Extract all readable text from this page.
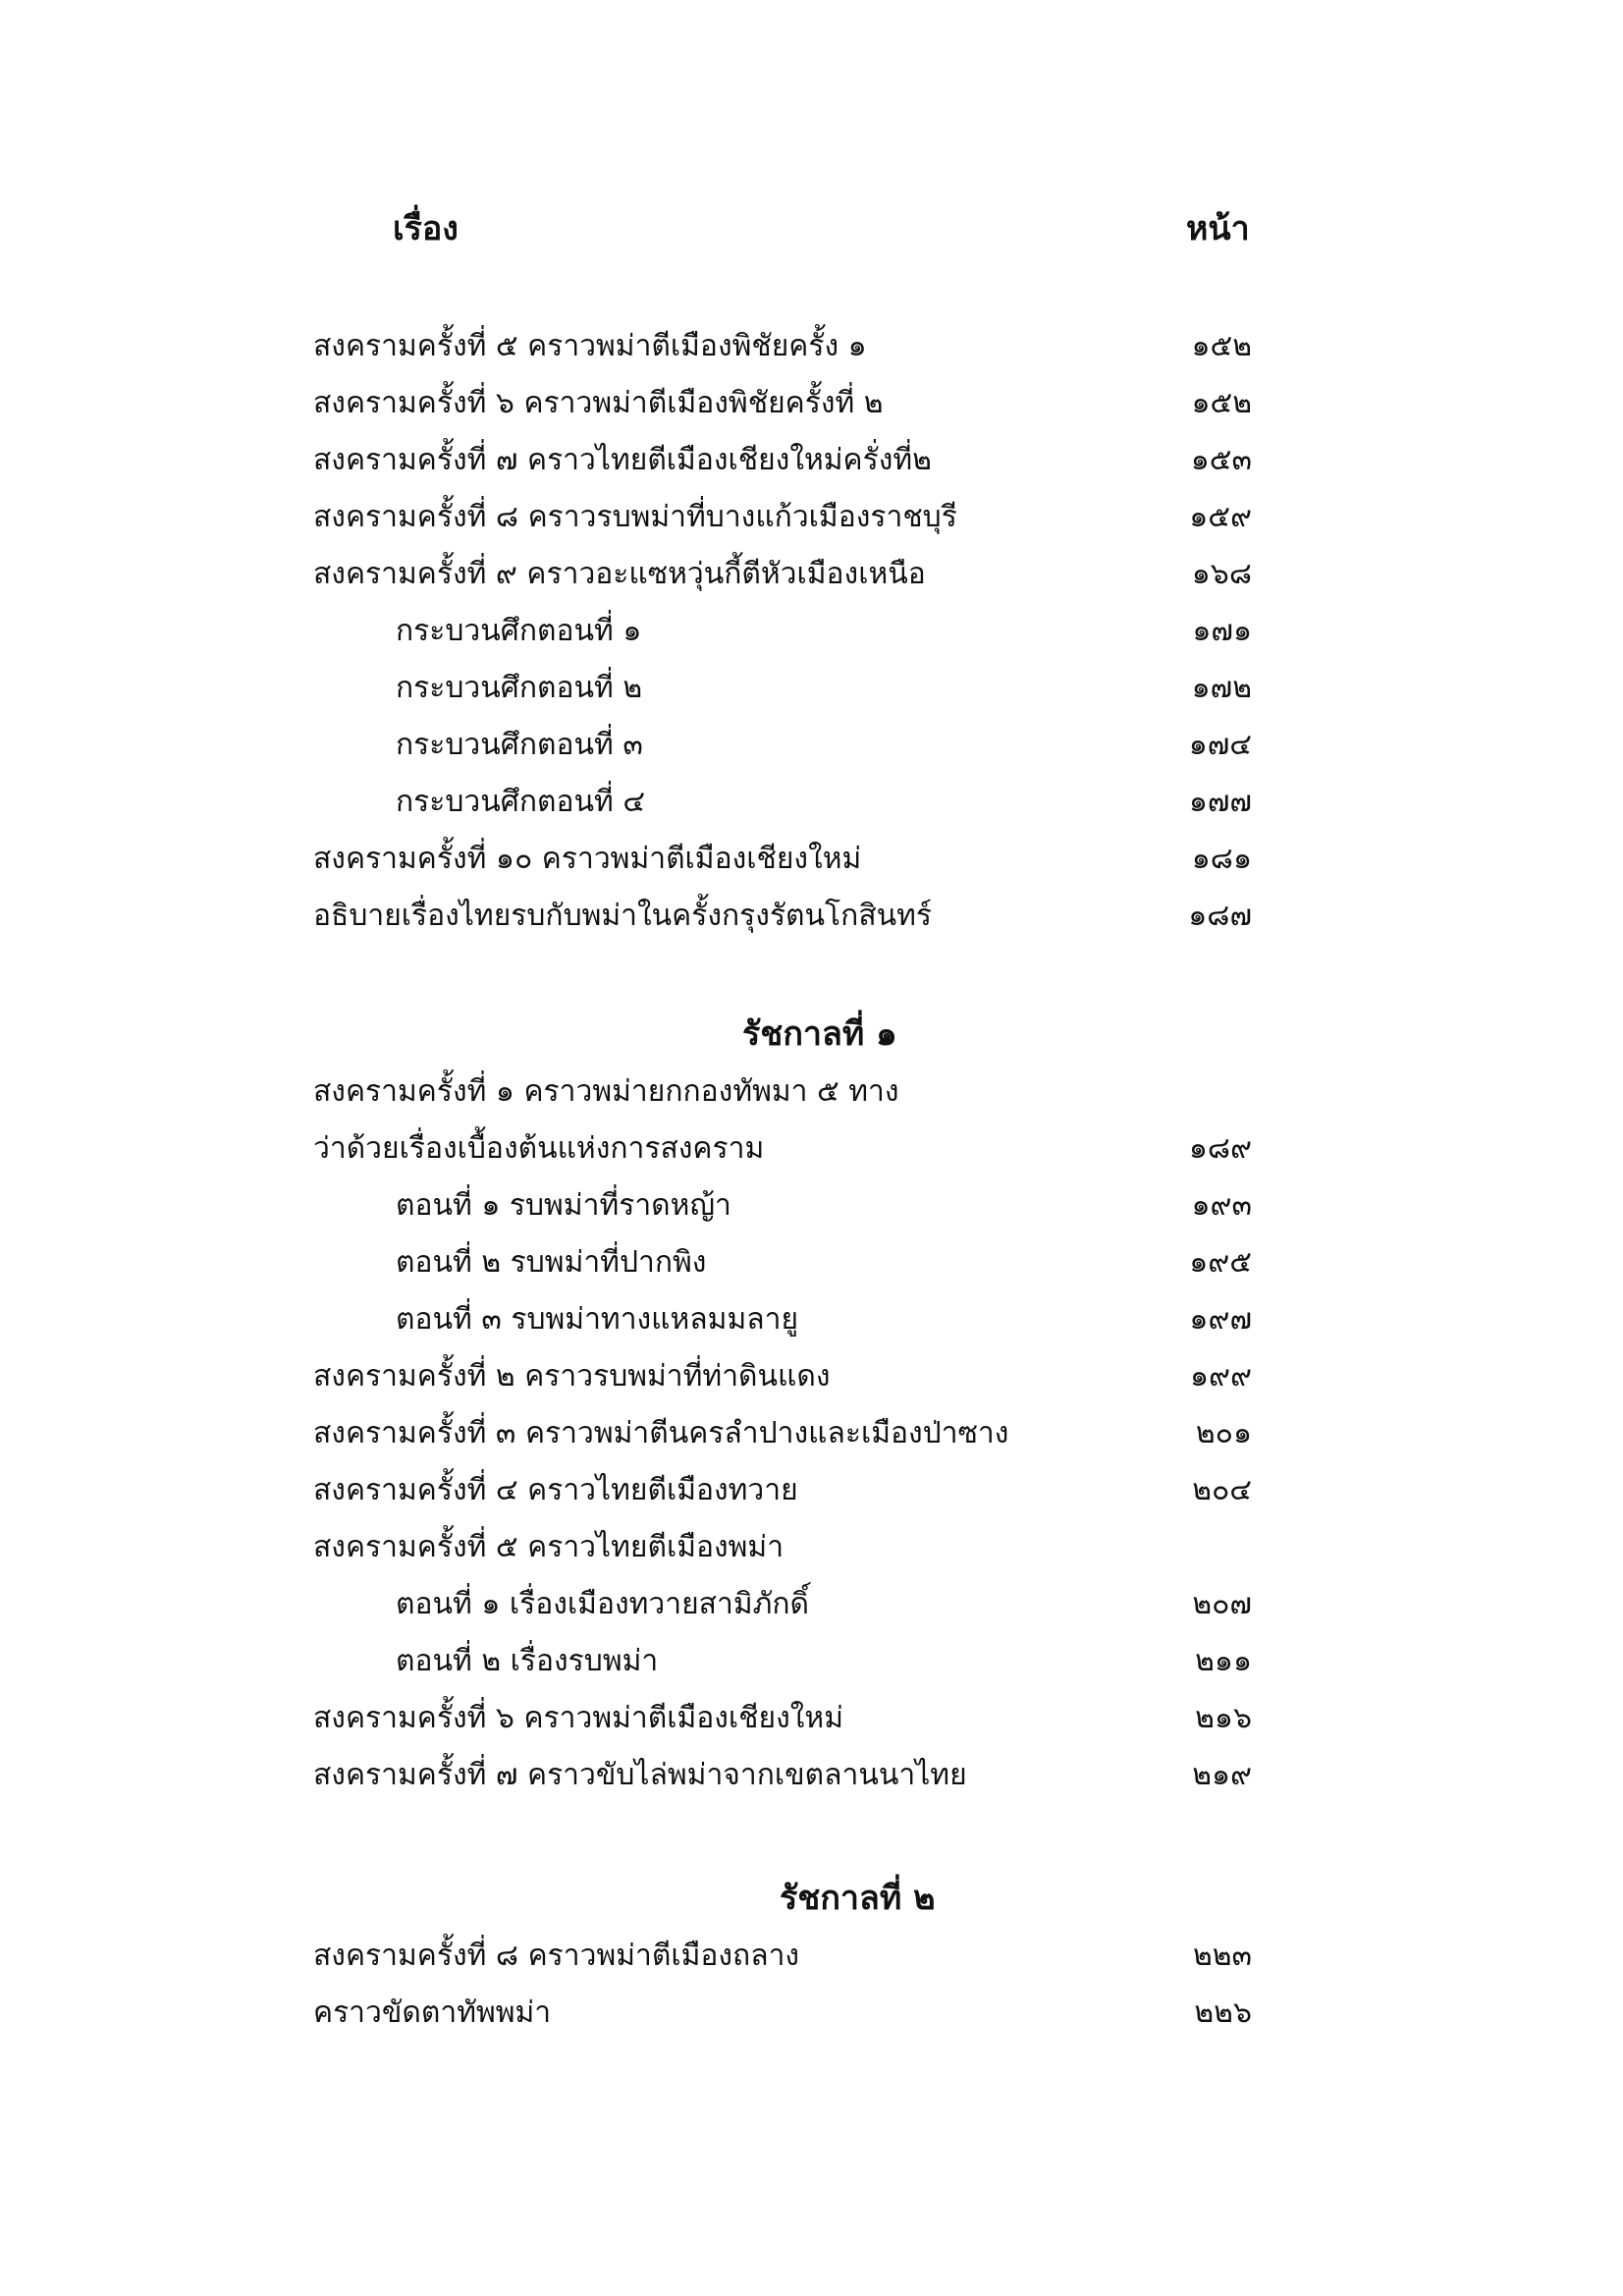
เรื่อง	หน้า
สงครามครั้งที่ ๕ คราวพม่าตีเมืองพิชัยครั้ง ๑	๑๕๒
สงครามครั้งที่ ๖ คราวพม่าตีเมืองพิชัยครั้งที่ ๒	๑๕๒
สงครามครั้งที่ ๗ คราวไทยตีเมืองเชียงใหม่ครั่งที่๒	๑๕๓
สงครามครั้งที่ ๘ คราวรบพม่าที่บางแก้วเมืองราชบุรี	๑๕๙
สงครามครั้งที่ ๙ คราวอะแซหวุ่นกี้ตีหัวเมืองเหนือ	๑๖๘
กระบวนศึกตอนที่ ๑	๑๗๑
กระบวนศึกตอนที่ ๒	๑๗๒
กระบวนศึกตอนที่ ๓	๑๗๔
กระบวนศึกตอนที่ ๔	๑๗๗
สงครามครั้งที่ ๑๐ คราวพม่าตีเมืองเชียงใหม่	๑๘๑
อธิบายเรื่องไทยรบกับพม่าในครั้งกรุงรัตนโกสินทร์	๑๘๗
รัชกาลที่ ๑
สงครามครั้งที่ ๑ คราวพม่ายกกองทัพมา ๕ ทาง
ว่าด้วยเรื่องเบื้องต้นแห่งการสงคราม	๑๘๙
ตอนที่ ๑ รบพม่าที่ราดหญ้า	๑๙๓
ตอนที่ ๒ รบพม่าที่ปากพิง	๑๙๕
ตอนที่ ๓ รบพม่าทางแหลมมลายู	๑๙๗
สงครามครั้งที่ ๒ คราวรบพม่าที่ท่าดินแดง	๑๙๙
สงครามครั้งที่ ๓ คราวพม่าตีนครลำปางและเมืองป่าซาง	๒๐๑
สงครามครั้งที่ ๔ คราวไทยตีเมืองทวาย	๒๐๔
สงครามครั้งที่ ๕ คราวไทยตีเมืองพม่า
ตอนที่ ๑ เรื่องเมืองทวายสามิภักดิ์	๒๐๗
ตอนที่ ๒ เรื่องรบพม่า	๒๑๑
สงครามครั้งที่ ๖ คราวพม่าตีเมืองเชียงใหม่	๒๑๖
สงครามครั้งที่ ๗ คราวขับไล่พม่าจากเขตลานนาไทย	๒๑๙
รัชกาลที่ ๒
สงครามครั้งที่ ๘ คราวพม่าตีเมืองถลาง	๒๒๓
คราวขัดตาทัพพม่า	๒๒๖
